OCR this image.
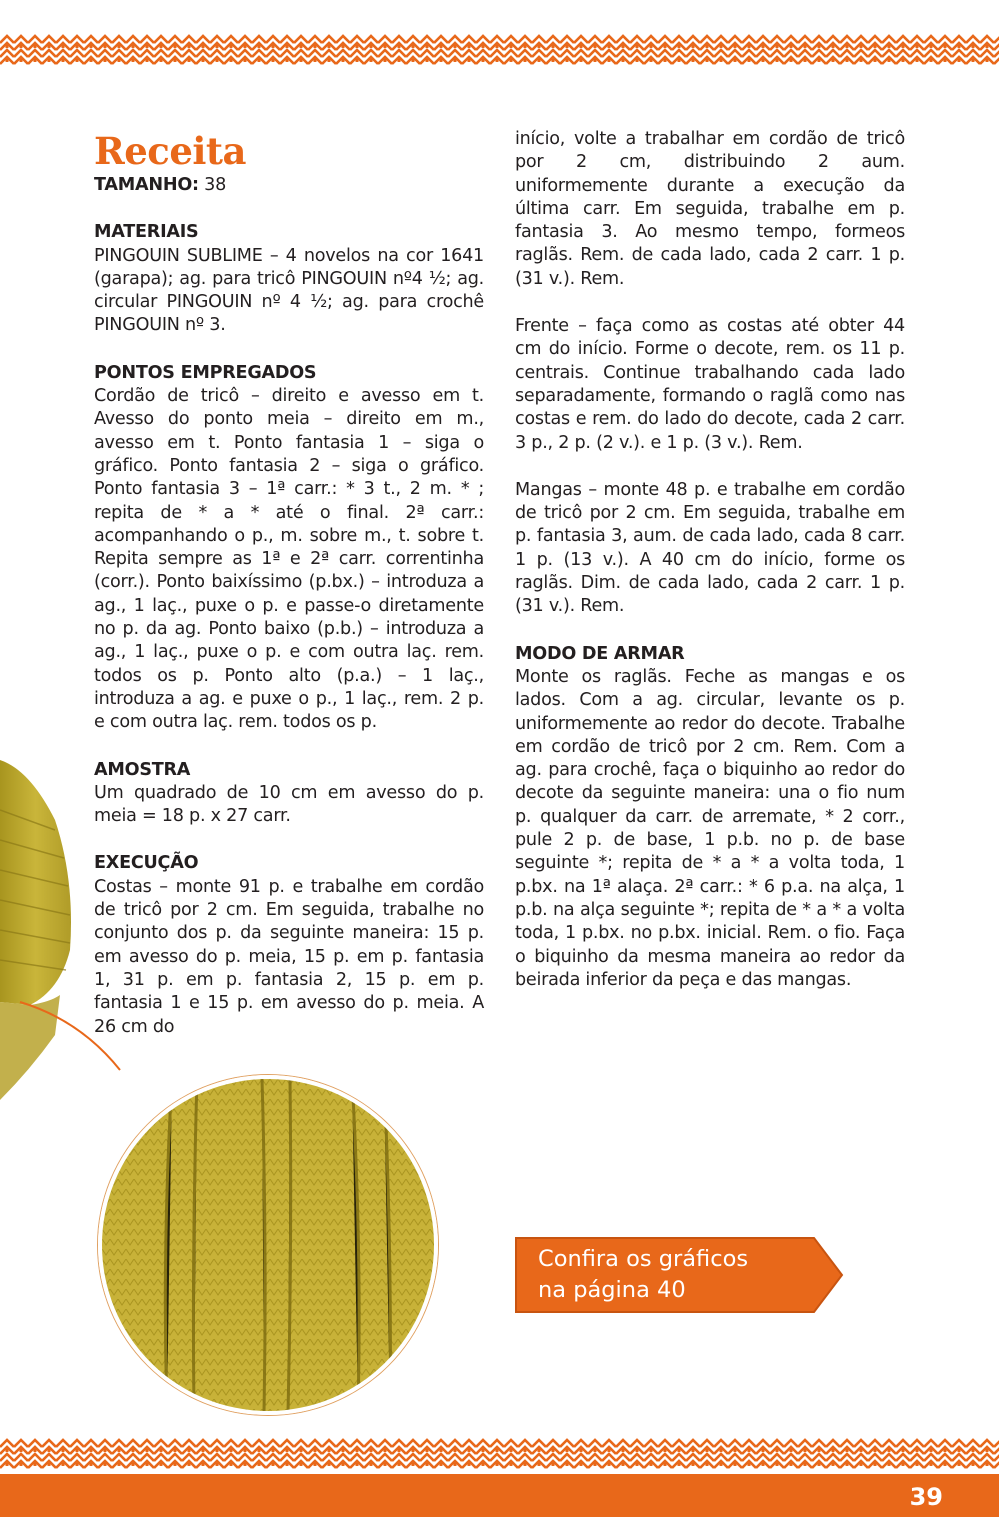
Receita

TAMANHO: 38

MATERIAIS

PINGOUIN SUBLIME – 4 novelos na cor 1641 (garapa); ag. para tricô PINGOUIN nº4 ½; ag. circular PINGOUIN nº 4 ½; ag. para crochê PINGOUIN nº 3.

PONTOS EMPREGADOS

Cordão de tricô – direito e avesso em t. Avesso do ponto meia – direito em m., avesso em t. Ponto fantasia 1 – siga o gráfico. Ponto fantasia 2 – siga o gráfico. Ponto fantasia 3 – 1ª carr.: * 3 t., 2 m. * ; repita de * a * até o final. 2ª carr.: acompanhando o p., m. sobre m., t. sobre t. Repita sempre as 1ª e 2ª carr. correntinha (corr.). Ponto baixíssimo (p.bx.) – introduza a ag., 1 laç., puxe o p. e passe-o diretamente no p. da ag. Ponto baixo (p.b.) – introduza a ag., 1 laç., puxe o p. e com outra laç. rem. todos os p. Ponto alto (p.a.) – 1 laç., introduza a ag. e puxe o p., 1 laç., rem. 2 p. e com outra laç. rem. todos os p.

AMOSTRA

Um quadrado de 10 cm em avesso do p. meia = 18 p. x 27 carr.

EXECUÇÃO

Costas – monte 91 p. e trabalhe em cordão de tricô por 2 cm. Em seguida, trabalhe no conjunto dos p. da seguinte maneira: 15 p. em avesso do p. meia, 15 p. em p. fantasia 1, 31 p. em p. fantasia 2, 15 p. em p. fantasia 1 e 15 p. em avesso do p. meia. A 26 cm do

início, volte a trabalhar em cordão de tricô por 2 cm, distribuindo 2 aum. uniformemente durante a execução da última carr. Em seguida, trabalhe em p. fantasia 3. Ao mesmo tempo, formeos raglãs. Rem. de cada lado, cada 2 carr. 1 p. (31 v.). Rem.

Frente – faça como as costas até obter 44 cm do início. Forme o decote, rem. os 11 p. centrais. Continue trabalhando cada lado separadamente, formando o raglã como nas costas e rem. do lado do decote, cada 2 carr. 3 p., 2 p. (2 v.). e 1 p. (3 v.). Rem.

Mangas – monte 48 p. e trabalhe em cordão de tricô por 2 cm. Em seguida, trabalhe em p. fantasia 3, aum. de cada lado, cada 8 carr. 1 p. (13 v.). A 40 cm do início, forme os raglãs. Dim. de cada lado, cada 2 carr. 1 p. (31 v.). Rem.

MODO DE ARMAR

Monte os raglãs. Feche as mangas e os lados. Com a ag. circular, levante os p. uniformemente ao redor do decote. Trabalhe em cordão de tricô por 2 cm. Rem. Com a ag. para crochê, faça o biquinho ao redor do decote da seguinte maneira: una o fio num p. qualquer da carr. de arremate, * 2 corr., pule 2 p. de base, 1 p.b. no p. de base seguinte *; repita de * a * a volta toda, 1 p.bx. na 1ª alaça. 2ª carr.: * 6 p.a. na alça, 1 p.b. na alça seguinte *; repita de * a * a volta toda, 1 p.bx. no p.bx. inicial. Rem. o fio. Faça o biquinho da mesma maneira ao redor da beirada inferior da peça e das mangas.

Confira os gráficos
na página 40
39
